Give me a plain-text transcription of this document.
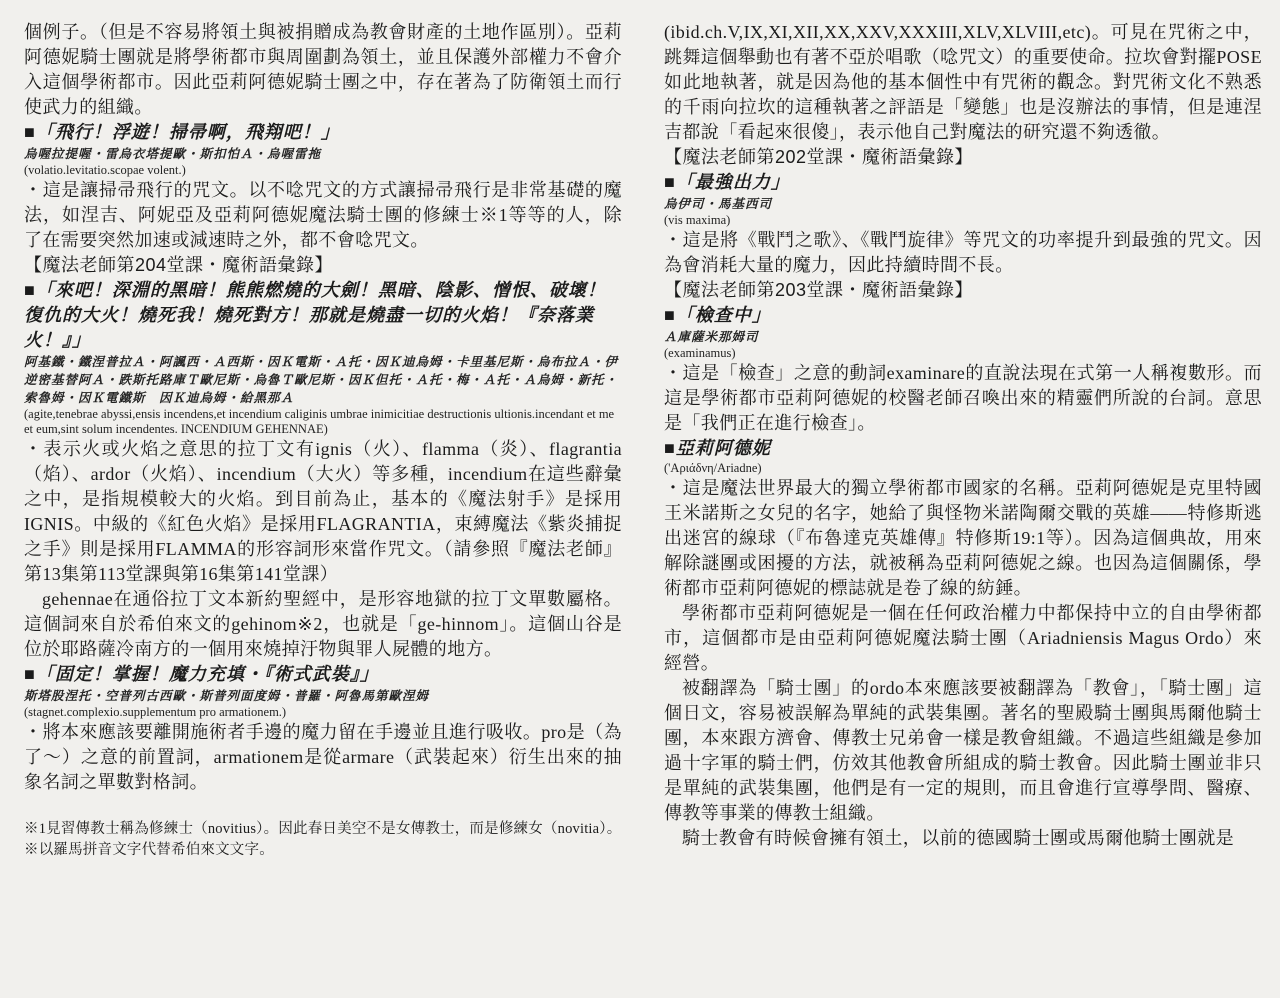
個例子。（但是不容易將領土與被捐贈成為教會財產的土地作區別）。亞莉阿德妮騎士團就是將學術都市與周圍劃為領土，並且保護外部權力不會介入這個學術都市。因此亞莉阿德妮騎士團之中，存在著為了防衛領土而行使武力的組織。

■「飛行！浮遊！掃帚啊，飛翔吧！」

烏喔拉提喔・雷烏衣塔提歐・斯扣怕Ａ・烏喔雷拖

(volatio.levitatio.scopae volent.)

・這是讓掃帚飛行的咒文。以不唸咒文的方式讓掃帚飛行是非常基礎的魔法，如涅吉、阿妮亞及亞莉阿德妮魔法騎士團的修練士※1等等的人，除了在需要突然加速或減速時之外，都不會唸咒文。

【魔法老師第204堂課・魔術語彙錄】

■「來吧！深淵的黑暗！熊熊燃燒的大劍！黑暗、陰影、憎恨、破壞！復仇的大火！燒死我！燒死對方！那就是燒盡一切的火焰！『奈落業火！』」

阿基鐵・鐵涅普拉Ａ・阿諷西・Ａ西斯・因Ｋ電斯・Ａ托・因Ｋ迪烏姆・卡里基尼斯・烏布拉Ａ・伊逆密基替阿Ａ・跌斯托路庫Ｔ歐尼斯・烏魯Ｔ歐尼斯・因Ｋ但托・Ａ托・梅・Ａ托・Ａ烏姆・新托・索魯姆・因Ｋ電鐵斯　因Ｋ迪烏姆・給黑那Ａ

(agite,tenebrae abyssi,ensis incendens,et incendium caliginis umbrae inimicitiae destructionis ultionis.incendant et me et eum,sint solum incendentes. INCENDIUM GEHENNAE)

・表示火或火焰之意思的拉丁文有ignis（火）、flamma（炎）、flagrantia（焰）、ardor（火焰）、incendium（大火）等多種，incendium在這些辭彙之中，是指規模較大的火焰。到目前為止，基本的《魔法射手》是採用IGNIS。中級的《紅色火焰》是採用FLAGRANTIA，束縛魔法《紫炎捕捉之手》則是採用FLAMMA的形容詞形來當作咒文。（請參照『魔法老師』第13集第113堂課與第16集第141堂課）

gehennae在通俗拉丁文本新約聖經中，是形容地獄的拉丁文單數屬格。這個詞來自於希伯來文的gehinom※2，也就是「ge-hinnom」。這個山谷是位於耶路薩冷南方的一個用來燒掉汙物與罪人屍體的地方。

■「固定！掌握！魔力充填・『術式武裝』」

斯塔股涅托・空普列古西歐・斯普列面度姆・普羅・阿魯馬第歐涅姆

(stagnet.complexio.supplementum pro armationem.)

・將本來應該要離開施術者手邊的魔力留在手邊並且進行吸收。pro是（為了～）之意的前置詞，armationem是從armare（武裝起來）衍生出來的抽象名詞之單數對格詞。

※1見習傳教士稱為修練士（novitius）。因此春日美空不是女傳教士，而是修練女（novitia）。

※以羅馬拼音文字代替希伯來文文字。

(ibid.ch.V,IX,XI,XII,XX,XXV,XXXIII,XLV,XLVIII,etc)。可見在咒術之中，跳舞這個舉動也有著不亞於唱歌（唸咒文）的重要使命。拉坎會對擺POSE如此地執著，就是因為他的基本個性中有咒術的觀念。對咒術文化不熟悉的千雨向拉坎的這種執著之評語是「變態」也是沒辦法的事情，但是連涅吉都說「看起來很傻」，表示他自己對魔法的研究還不夠透徹。

【魔法老師第202堂課・魔術語彙錄】

■「最強出力」

烏伊司・馬基西司

(vis maxima)

・這是將《戰鬥之歌》、《戰鬥旋律》等咒文的功率提升到最強的咒文。因為會消耗大量的魔力，因此持續時間不長。

【魔法老師第203堂課・魔術語彙錄】

■「檢查中」

Ａ庫薩米那姆司

(examinamus)

・這是「檢查」之意的動詞examinare的直說法現在式第一人稱複數形。而這是學術都市亞莉阿德妮的校醫老師召喚出來的精靈們所說的台詞。意思是「我們正在進行檢查」。

■亞莉阿德妮

('Αριάδνη/Ariadne)

・這是魔法世界最大的獨立學術都市國家的名稱。亞莉阿德妮是克里特國王米諾斯之女兒的名字，她給了與怪物米諾陶爾交戰的英雄——特修斯逃出迷宮的線球（『布魯達克英雄傳』特修斯19:1等）。因為這個典故，用來解除謎團或困擾的方法，就被稱為亞莉阿德妮之線。也因為這個關係，學術都市亞莉阿德妮的標誌就是卷了線的紡錘。

學術都市亞莉阿德妮是一個在任何政治權力中都保持中立的自由學術都市，這個都市是由亞莉阿德妮魔法騎士團（Ariadniensis Magus Ordo）來經營。

被翻譯為「騎士團」的ordo本來應該要被翻譯為「教會」，「騎士團」這個日文，容易被誤解為單純的武裝集團。著名的聖殿騎士團與馬爾他騎士團，本來跟方濟會、傳教士兄弟會一樣是教會組織。不過這些組織是參加過十字軍的騎士們，仿效其他教會所組成的騎士教會。因此騎士團並非只是單純的武裝集團，他們是有一定的規則，而且會進行宣導學問、醫療、傳教等事業的傳教士組織。

騎士教會有時候會擁有領土，以前的德國騎士團或馬爾他騎士團就是
